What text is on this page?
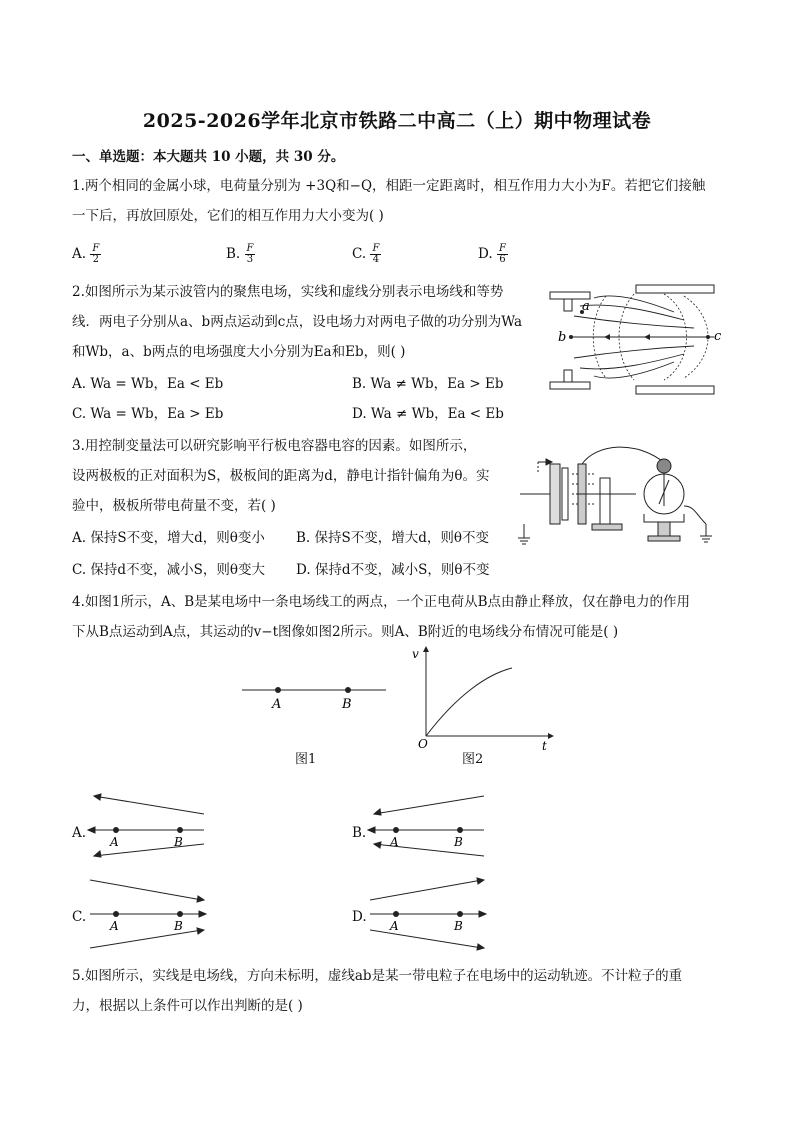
2025-2026学年北京市铁路二中高二（上）期中物理试卷
一、单选题：本大题共 10 小题，共 30 分。
1.两个相同的金属小球，电荷量分别为 +3Q和−Q，相距一定距离时，相互作用力大小为F。若把它们接触
一下后，再放回原处，它们的相互作用力大小变为( )
A. $\frac{F}{2}$	B. $\frac{F}{3}$	C. $\frac{F}{4}$	D. $\frac{F}{6}$
2.如图所示为某示波管内的聚焦电场，实线和虚线分别表示电场线和等势
线．两电子分别从a、b两点运动到c点，设电场力对两电子做的功分别为Wa
和Wb，a、b两点的电场强度大小分别为Ea和Eb，则( )
A. Wa = Wb，Ea < Eb	B. Wa ≠ Wb，Ea > Eb
C. Wa = Wb，Ea > Eb	D. Wa ≠ Wb，Ea < Eb
a
b	c
3.用控制变量法可以研究影响平行板电容器电容的因素。如图所示，
设两极板的正对面积为S，极板间的距离为d，静电计指针偏角为θ。实
验中，极板所带电荷量不变，若( )
A. 保持S不变，增大d，则θ变小 B. 保持S不变，增大d，则θ不变
C. 保持d不变，减小S，则θ变大 D. 保持d不变，减小S，则θ不变
4.如图1所示，A、B是某电场中一条电场线工的两点，一个正电荷从B点由静止释放，仅在静电力的作用
下从B点运动到A点，其运动的v−t图像如图2所示。则A、B附近的电场线分布情况可能是( )
A	B
图1
v
t
O
图2
A.
A	B
B.
A	B
C.
A	B
D.
A	B
5.如图所示，实线是电场线，方向未标明，虚线ab是某一带电粒子在电场中的运动轨迹。不计粒子的重
力，根据以上条件可以作出判断的是( )
